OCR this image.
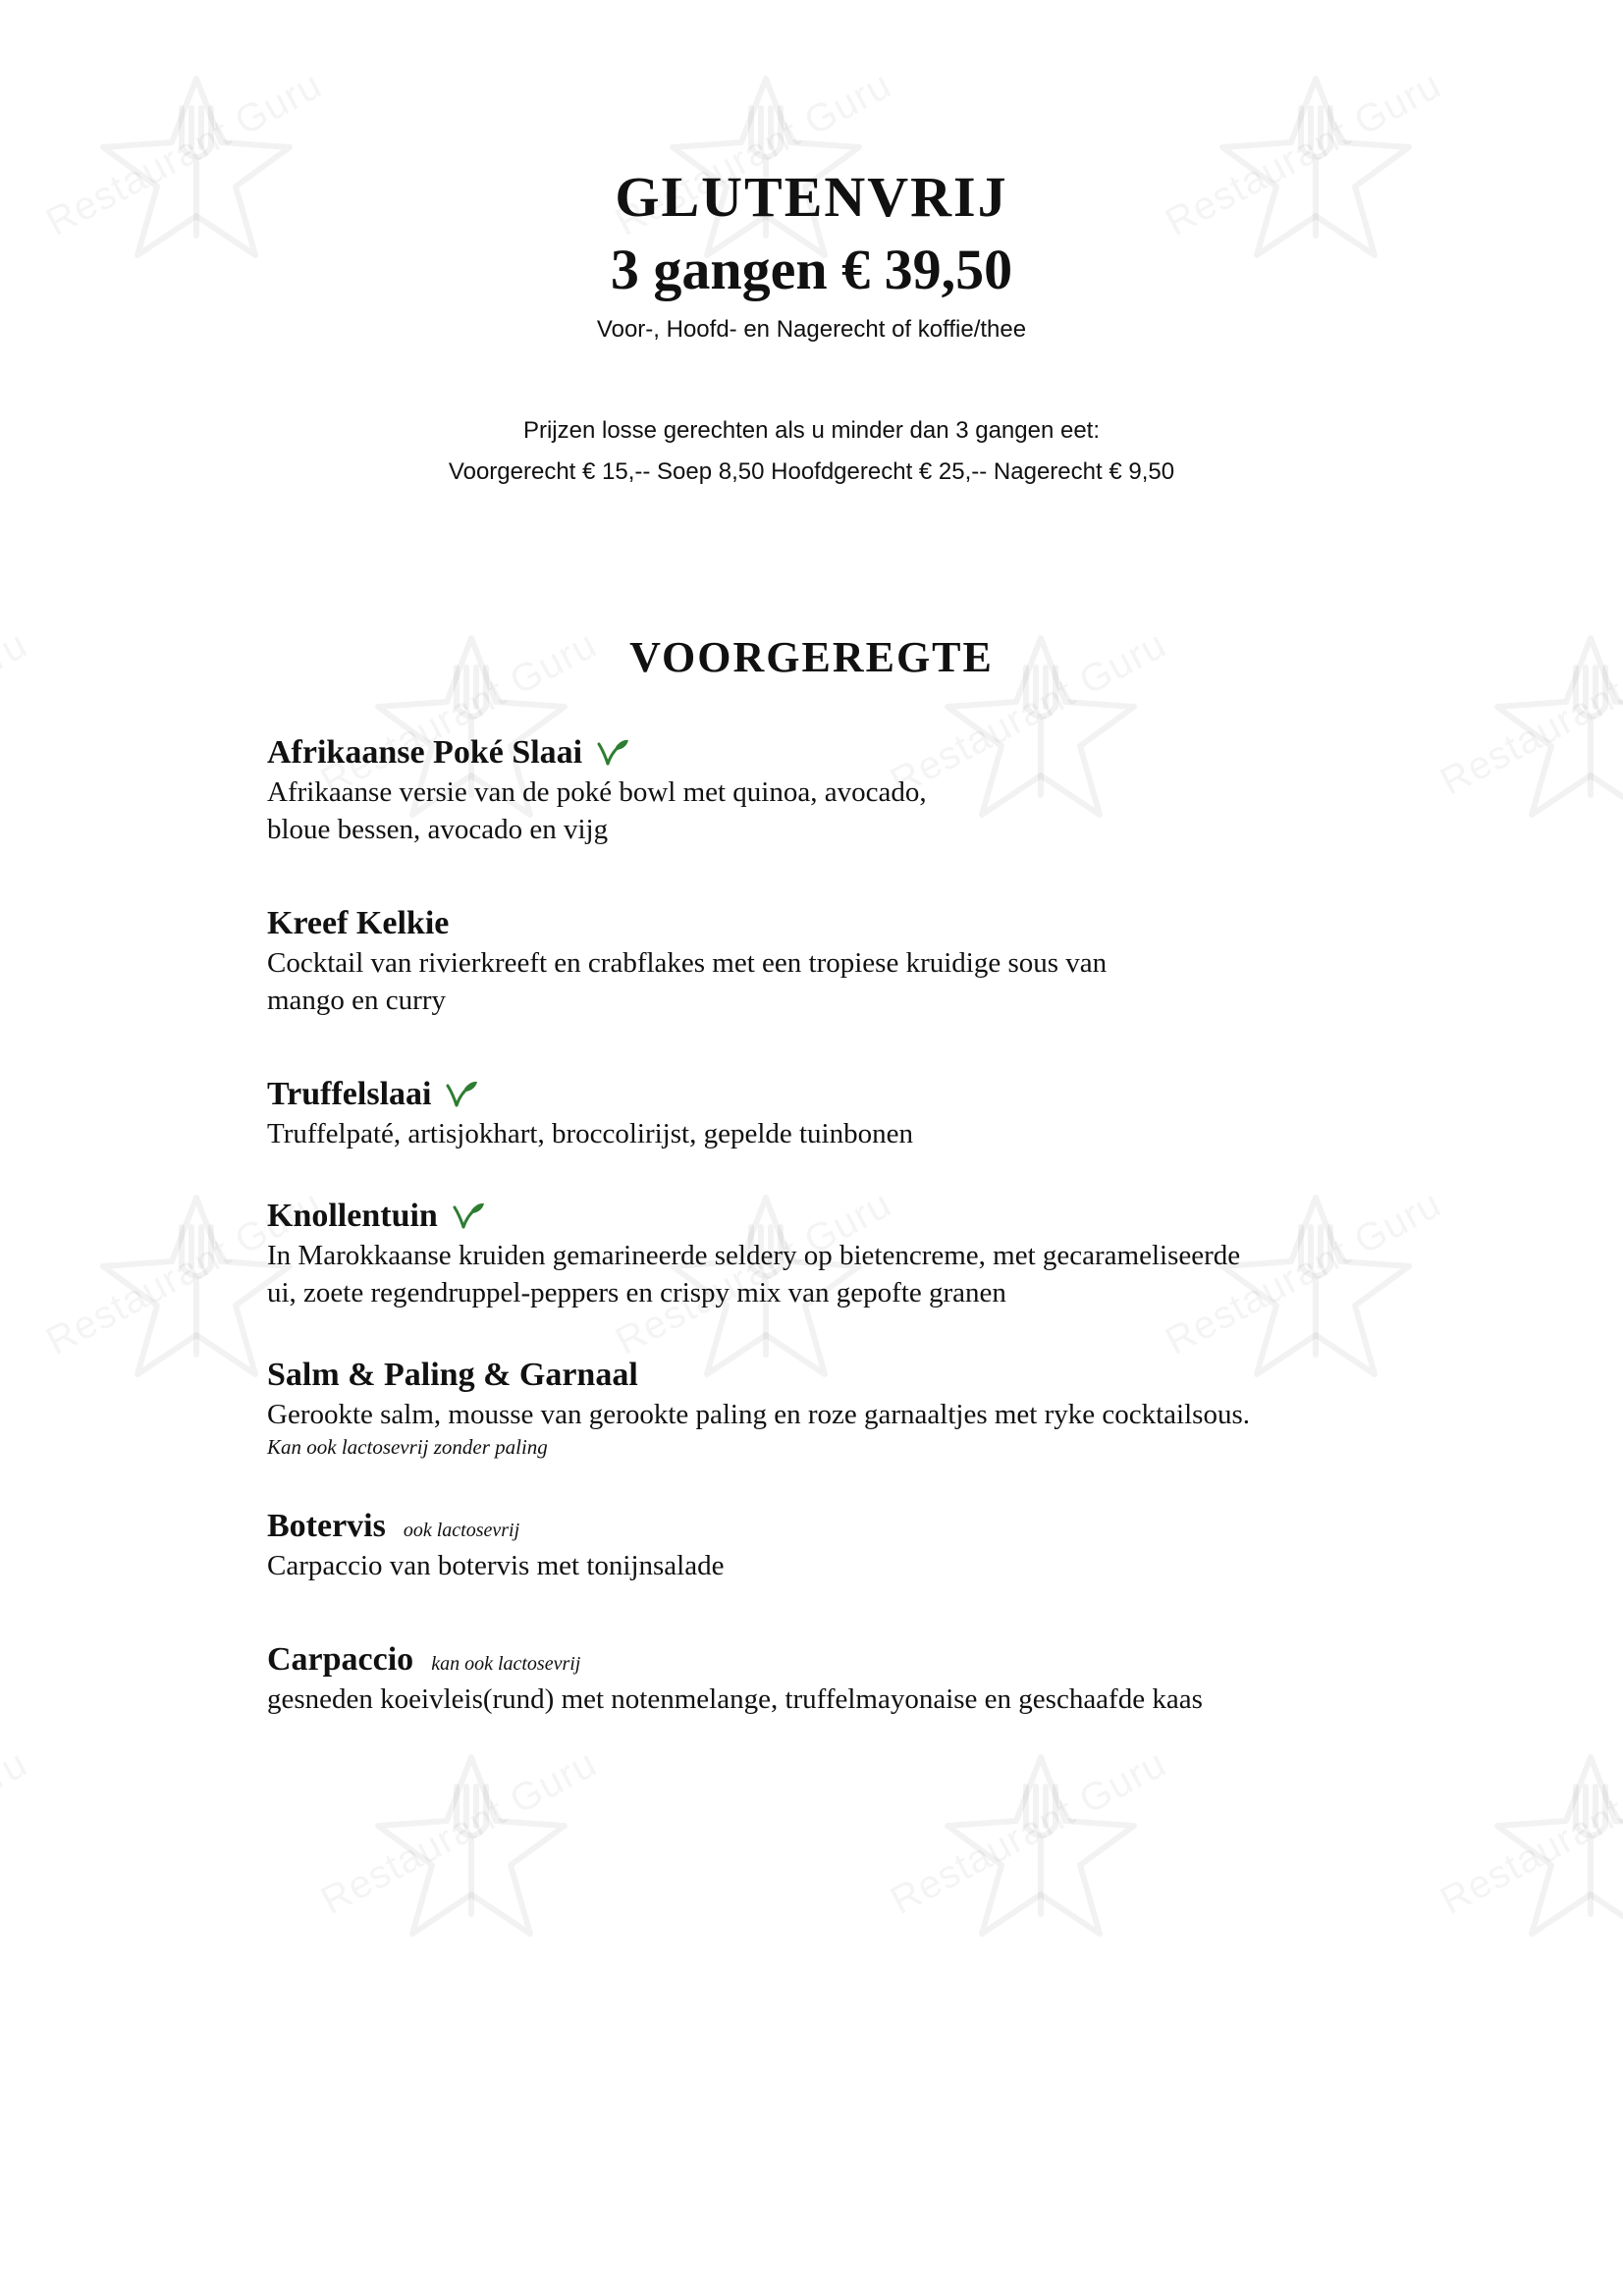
GLUTENVRIJ
3 gangen € 39,50
Voor-, Hoofd- en Nagerecht of koffie/thee
Prijzen losse gerechten als u minder dan 3 gangen eet:
Voorgerecht € 15,-- Soep 8,50 Hoofdgerecht € 25,-- Nagerecht € 9,50
VOORGEREGTE
Afrikaanse Poké Slaai
Afrikaanse versie van de poké bowl met quinoa, avocado,
bloue bessen, avocado en vijg
Kreef Kelkie
Cocktail van rivierkreeft en crabflakes met een tropiese kruidige sous van
mango en curry
Truffelslaai
Truffelpaté, artisjokhart, broccolirijst, gepelde tuinbonen
Knollentuin
In Marokkaanse kruiden gemarineerde seldery op bietencreme, met gecarameliseerde
ui, zoete regendruppel-peppers en crispy mix van gepofte granen
Salm & Paling & Garnaal
Gerookte salm, mousse van gerookte paling en roze garnaaltjes met ryke cocktailsous.
Kan ook lactosevrij zonder paling
Botervis ook lactosevrij
Carpaccio van botervis met tonijnsalade
Carpaccio kan ook lactosevrij
gesneden koeivleis(rund) met notenmelange, truffelmayonaise en geschaafde kaas
